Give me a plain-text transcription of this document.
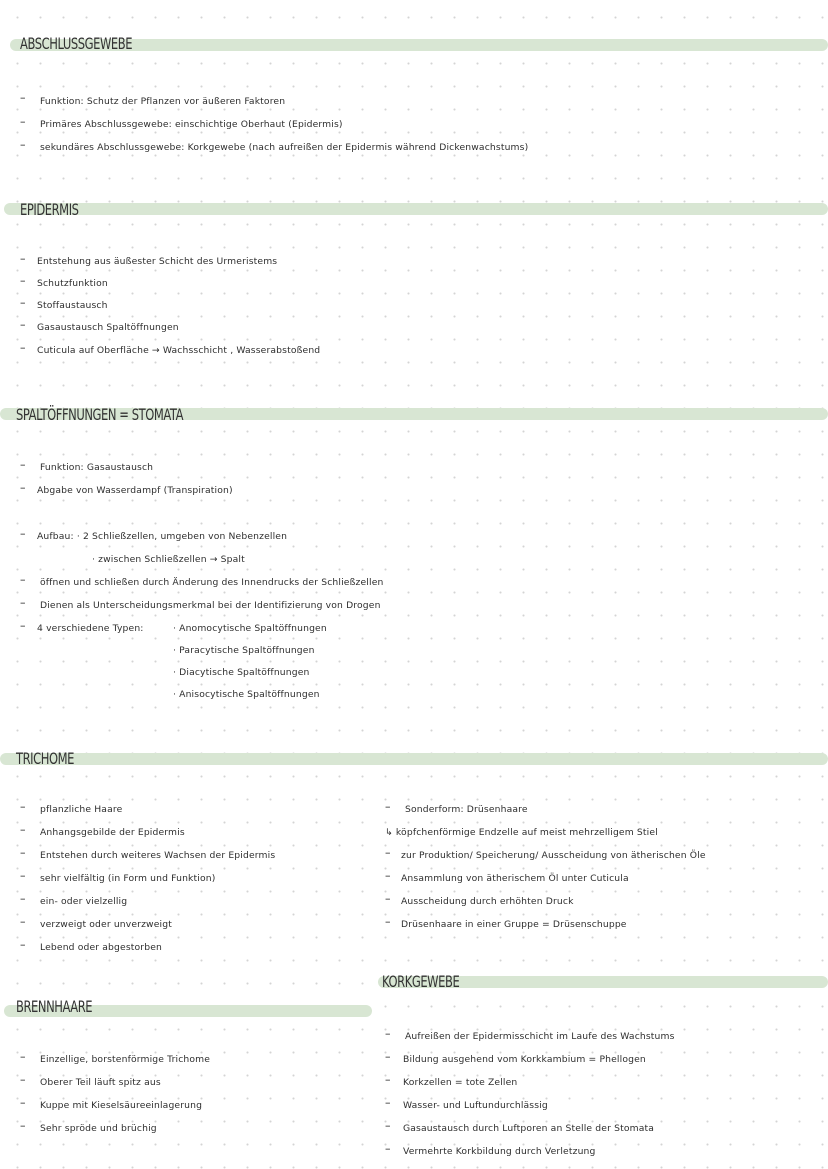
ABSCHLUSSGEWEBE
– Funktion: Schutz der Pflanzen vor äußeren Faktoren
– Primäres Abschlussgewebe: einschichtige Oberhaut (Epidermis)
– sekundäres Abschlussgewebe: Korkgewebe (nach aufreißen der Epidermis während Dickenwachstums)
EPIDERMIS
– Entstehung aus äußester Schicht des Urmeristems
– Schutzfunktion
– Stoffaustausch
– Gasaustausch Spaltöffnungen
– Cuticula auf Oberfläche → Wachsschicht , Wasserabstoßend
SPALTÖFFNUNGEN = STOMATA
– Funktion: Gasaustausch
– Abgabe von Wasserdampf (Transpiration)
– Aufbau: · 2 Schließzellen, umgeben von Nebenzellen
· zwischen Schließzellen → Spalt
– öffnen und schließen durch Änderung des Innendrucks der Schließzellen
– Dienen als Unterscheidungsmerkmal bei der Identifizierung von Drogen
– 4 verschiedene Typen:	· Anomocytische Spaltöffnungen
· Paracytische Spaltöffnungen
· Diacytische Spaltöffnungen
· Anisocytische Spaltöffnungen
TRICHOME
– pflanzliche Haare
– Anhangsgebilde der Epidermis
– Entstehen durch weiteres Wachsen der Epidermis
– sehr vielfältig (in Form und Funktion)
– ein- oder vielzellig
– verzweigt oder unverzweigt
– Lebend oder abgestorben
– Sonderform: Drüsenhaare
↳ köpfchenförmige Endzelle auf meist mehrzelligem Stiel
– zur Produktion/ Speicherung/ Ausscheidung von ätherischen Öle
– Ansammlung von ätherischem Öl unter Cuticula
– Ausscheidung durch erhöhten Druck
– Drüsenhaare in einer Gruppe = Drüsenschuppe
KORKGEWEBE
– Aufreißen der Epidermisschicht im Laufe des Wachstums
– Bildung ausgehend vom Korkkambium = Phellogen
– Korkzellen = tote Zellen
– Wasser- und Luftundurchlässig
– Gasaustausch durch Luftporen an Stelle der Stomata
– Vermehrte Korkbildung durch Verletzung
BRENNHAARE
– Einzellige, borstenförmige Trichome
– Oberer Teil läuft spitz aus
– Kuppe mit Kieselsäureeinlagerung
– Sehr spröde und brüchig
